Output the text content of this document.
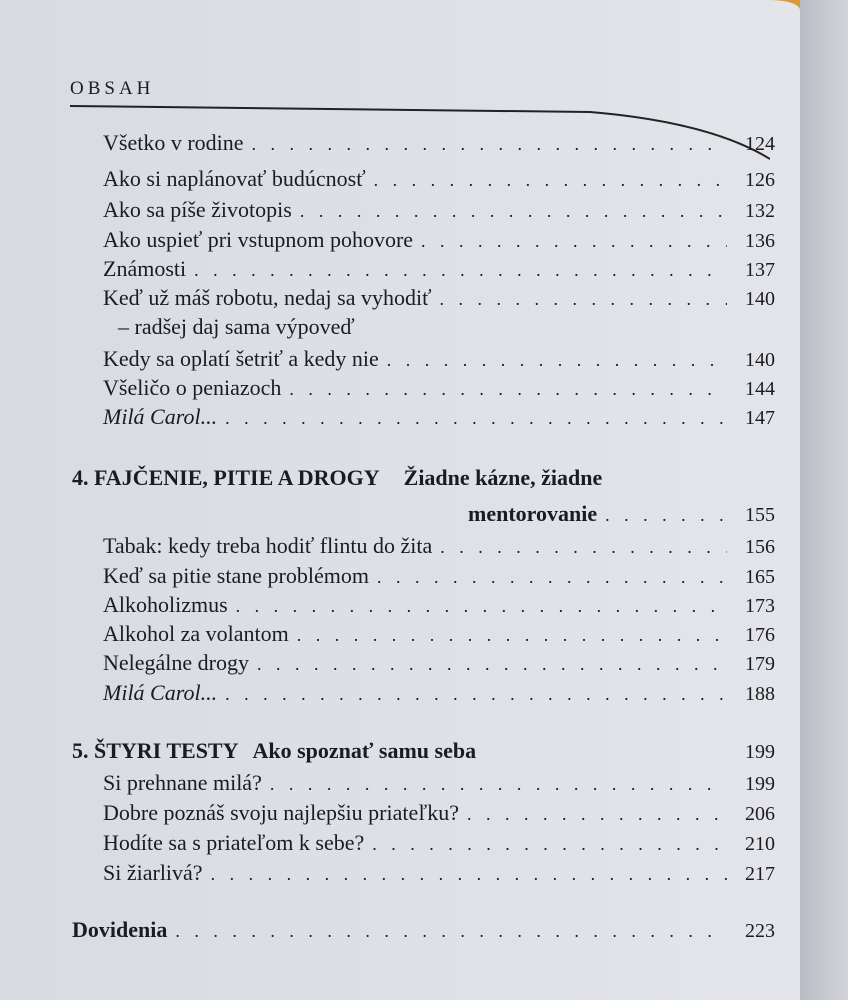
OBSAH
Všetko v rodine . . .	124
Ako si naplánovať budúcnosť . . .	126
Ako sa píše životopis . . .	132
Ako uspieť pri vstupnom pohovore . . .	136
Známosti . . .	137
Keď už máš robotu, nedaj sa vyhodiť . . .	140
– radšej daj sama výpoveď
Kedy sa oplatí šetriť a kedy nie . . .	140
Všeličo o peniazoch . . .	144
Milá Carol... . . .	147
4. FAJČENIE, PITIE A DROGY Žiadne kázne, žiadne
mentorovanie . . .	155
Tabak: kedy treba hodiť flintu do žita . . .	156
Keď sa pitie stane problémom . . .	165
Alkoholizmus . . .	173
Alkohol za volantom . . .	176
Nelegálne drogy . . .	179
Milá Carol... . . .	188
5. ŠTYRI TESTY Ako spoznať samu seba	199
Si prehnane milá? . . .	199
Dobre poznáš svoju najlepšiu priateľku? . . .	206
Hodíte sa s priateľom k sebe? . . .	210
Si žiarlivá? . . .	217
Dovidenia . . .	223
